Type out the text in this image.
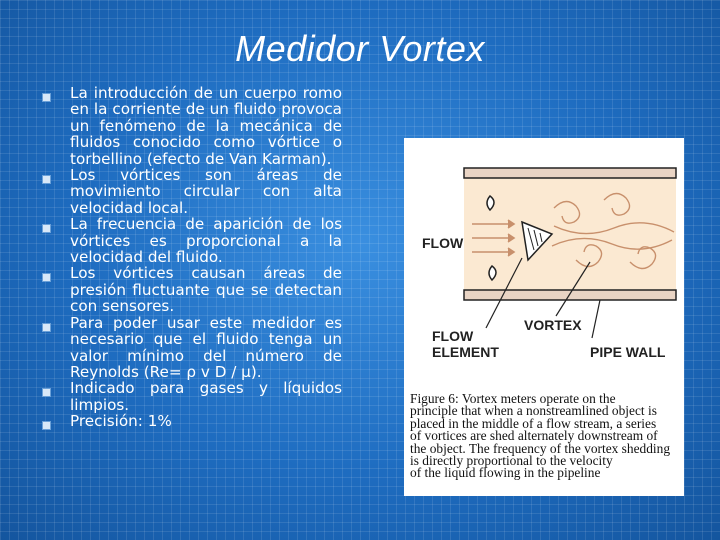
Medidor Vortex
La introducción de un cuerpo romo en la corriente de un fluido provoca un fenómeno de la mecánica de fluidos conocido como vórtice o torbellino (efecto de Van Karman).
Los vórtices son áreas de movimiento circular con alta velocidad local.
La frecuencia de aparición de los vórtices es proporcional a la velocidad del fluido.
Los vórtices causan áreas de presión fluctuante que se detectan con sensores.
Para poder usar este medidor es necesario que el fluido tenga un valor mínimo del número de Reynolds (Re= ρ v D / μ).
Indicado para gases y líquidos limpios.
Precisión: 1%
FLOW
VORTEX
FLOW
ELEMENT	PIPE WALL
Figure 6: Vortex meters operate on the
principle that when a nonstreamlined object is
placed in the middle of a flow stream, a series
of vortices are shed alternately downstream of
the object. The frequency of the vortex shedding
is directly proportional to the velocity
of the liquid flowing in the pipeline
